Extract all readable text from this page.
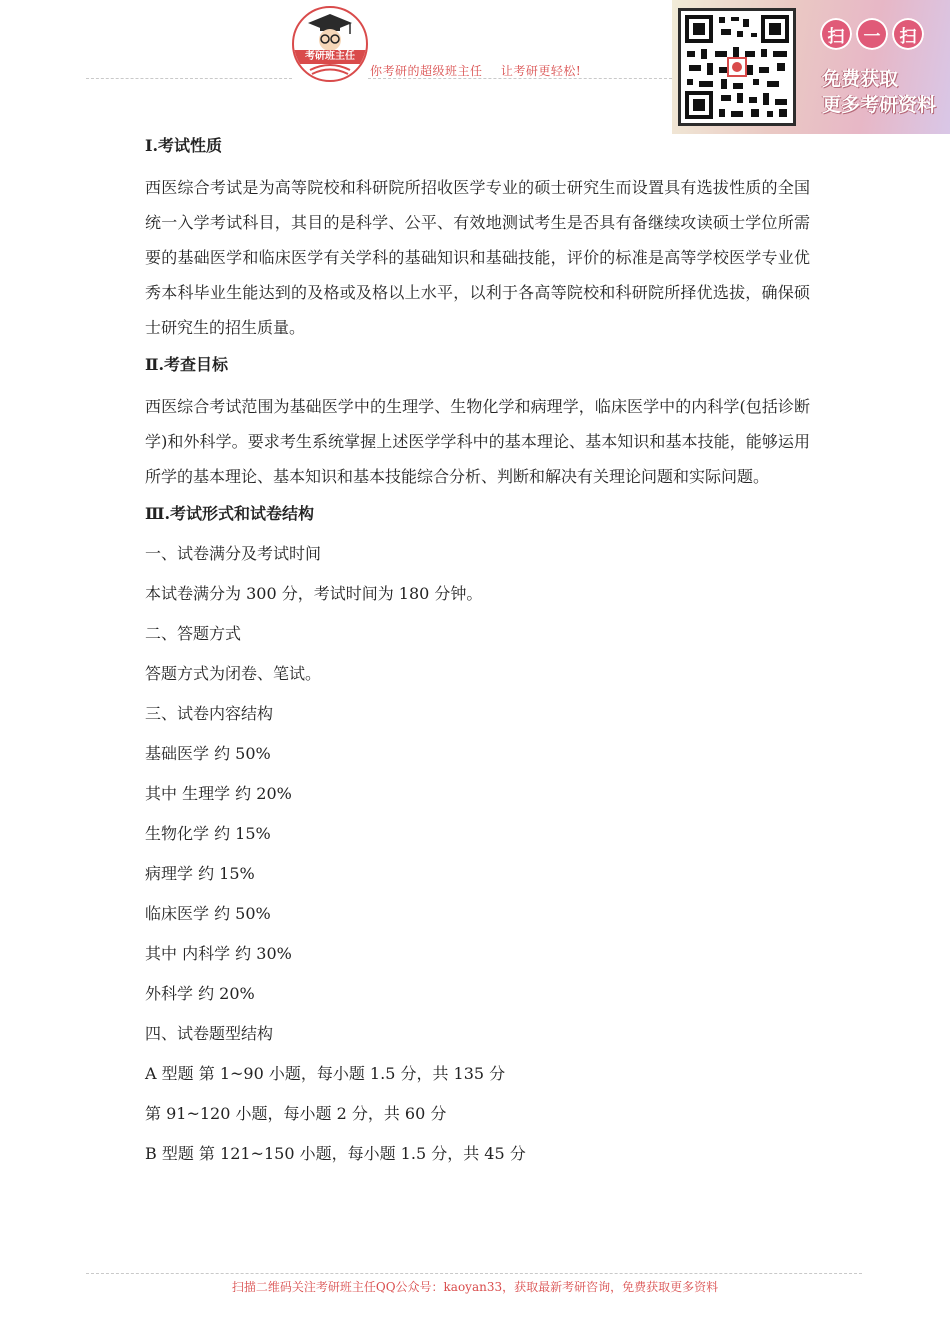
考研班主任
你考研的超级班主任 让考研更轻松!
扫	一	扫
免费获取
更多考研资料
Ⅰ.考试性质

西医综合考试是为高等院校和科研院所招收医学专业的硕士研究生而设置具有选拔性质的全国统一入学考试科目，其目的是科学、公平、有效地测试考生是否具有备继续攻读硕士学位所需要的基础医学和临床医学有关学科的基础知识和基础技能，评价的标准是高等学校医学专业优秀本科毕业生能达到的及格或及格以上水平，以利于各高等院校和科研院所择优选拔，确保硕士研究生的招生质量。

Ⅱ.考查目标

西医综合考试范围为基础医学中的生理学、生物化学和病理学，临床医学中的内科学(包括诊断学)和外科学。要求考生系统掌握上述医学学科中的基本理论、基本知识和基本技能，能够运用所学的基本理论、基本知识和基本技能综合分析、判断和解决有关理论问题和实际问题。

Ⅲ.考试形式和试卷结构

一、试卷满分及考试时间

本试卷满分为 300 分，考试时间为 180 分钟。

二、答题方式

答题方式为闭卷、笔试。

三、试卷内容结构

基础医学 约 50%

其中 生理学 约 20%

生物化学 约 15%

病理学 约 15%

临床医学 约 50%

其中 内科学 约 30%

外科学 约 20%

四、试卷题型结构

A 型题 第 1~90 小题，每小题 1.5 分，共 135 分

第 91~120 小题，每小题 2 分，共 60 分

B 型题 第 121~150 小题，每小题 1.5 分，共 45 分

扫描二维码关注考研班主任QQ公众号：kaoyan33，获取最新考研咨询，免费获取更多资料
